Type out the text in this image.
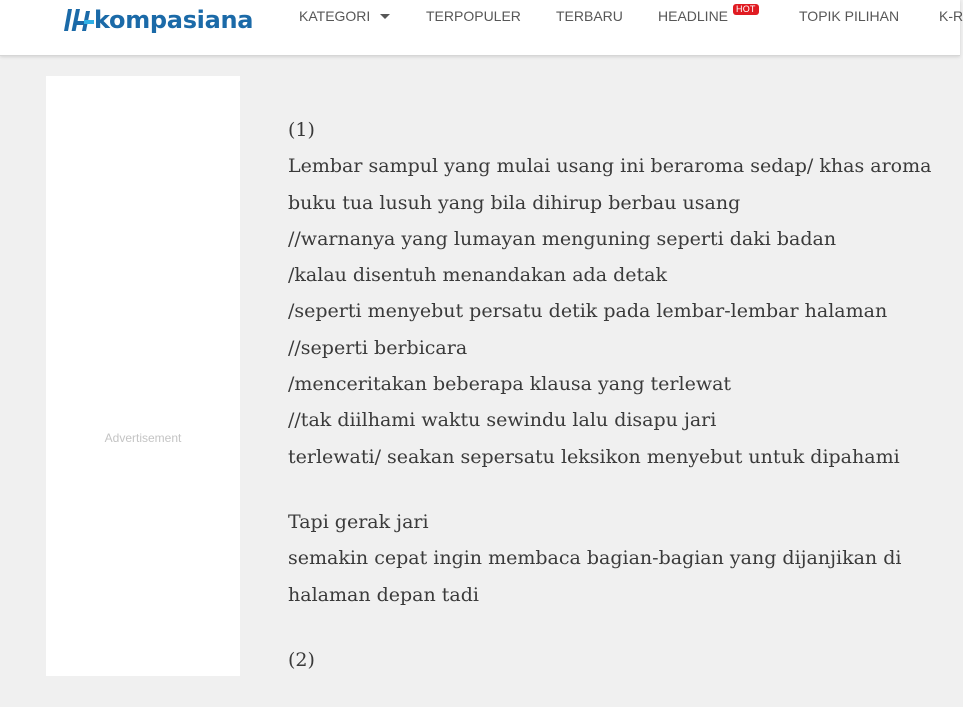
kompasiana	KATEGORI	TERPOPULER	TERBARU	HEADLINE HOT	TOPIK PILIHAN	K-R
Advertisement
(1)
Lembar sampul yang mulai usang ini beraroma sedap/ khas aroma
buku tua lusuh yang bila dihirup berbau usang
//warnanya yang lumayan menguning seperti daki badan
/kalau disentuh menandakan ada detak
/seperti menyebut persatu detik pada lembar-lembar halaman
//seperti berbicara
/menceritakan beberapa klausa yang terlewat
//tak diilhami waktu sewindu lalu disapu jari
terlewati/ seakan sepersatu leksikon menyebut untuk dipahami
Tapi gerak jari
semakin cepat ingin membaca bagian-bagian yang dijanjikan di
halaman depan tadi
(2)
